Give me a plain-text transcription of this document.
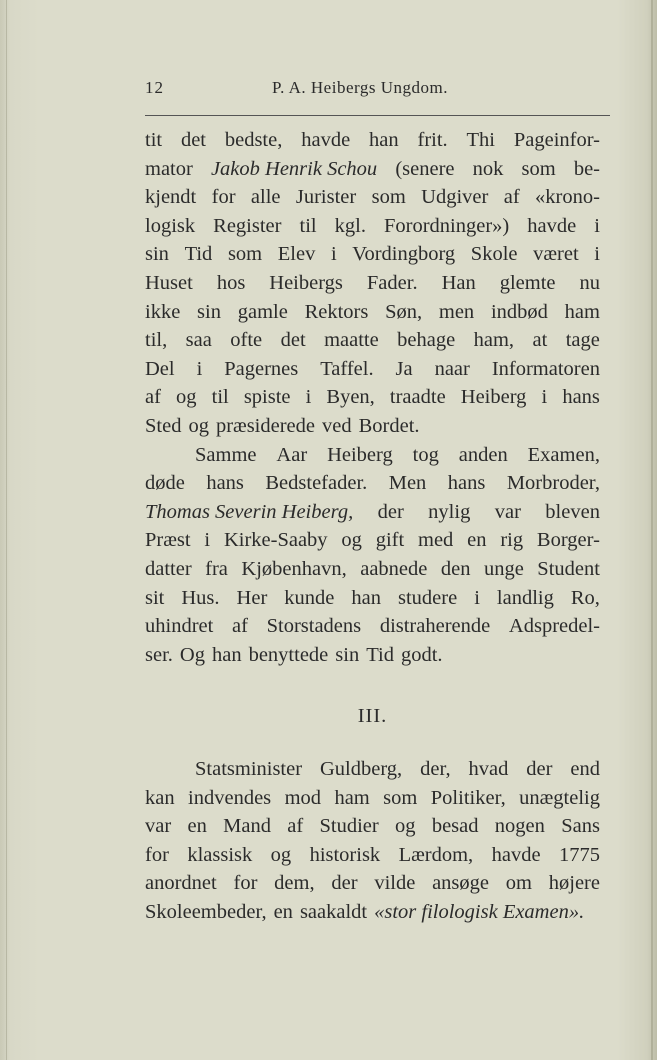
12	P. A. Heibergs Ungdom.
tit det bedste, havde han frit. Thi Pageinfor-
mator Jakob Henrik Schou (senere nok som be-
kjendt for alle Jurister som Udgiver af «krono-
logisk Register til kgl. Forordninger») havde i
sin Tid som Elev i Vordingborg Skole været i
Huset hos Heibergs Fader. Han glemte nu
ikke sin gamle Rektors Søn, men indbød ham
til, saa ofte det maatte behage ham, at tage
Del i Pagernes Taffel. Ja naar Informatoren
af og til spiste i Byen, traadte Heiberg i hans
Sted og præsiderede ved Bordet.
Samme Aar Heiberg tog anden Examen,
døde hans Bedstefader. Men hans Morbroder,
Thomas Severin Heiberg, der nylig var bleven
Præst i Kirke-Saaby og gift med en rig Borger-
datter fra Kjøbenhavn, aabnede den unge Student
sit Hus. Her kunde han studere i landlig Ro,
uhindret af Storstadens distraherende Adspredel-
ser. Og han benyttede sin Tid godt.
III.
Statsminister Guldberg, der, hvad der end
kan indvendes mod ham som Politiker, unægtelig
var en Mand af Studier og besad nogen Sans
for klassisk og historisk Lærdom, havde 1775
anordnet for dem, der vilde ansøge om højere
Skoleembeder, en saakaldt «stor filologisk Examen».
